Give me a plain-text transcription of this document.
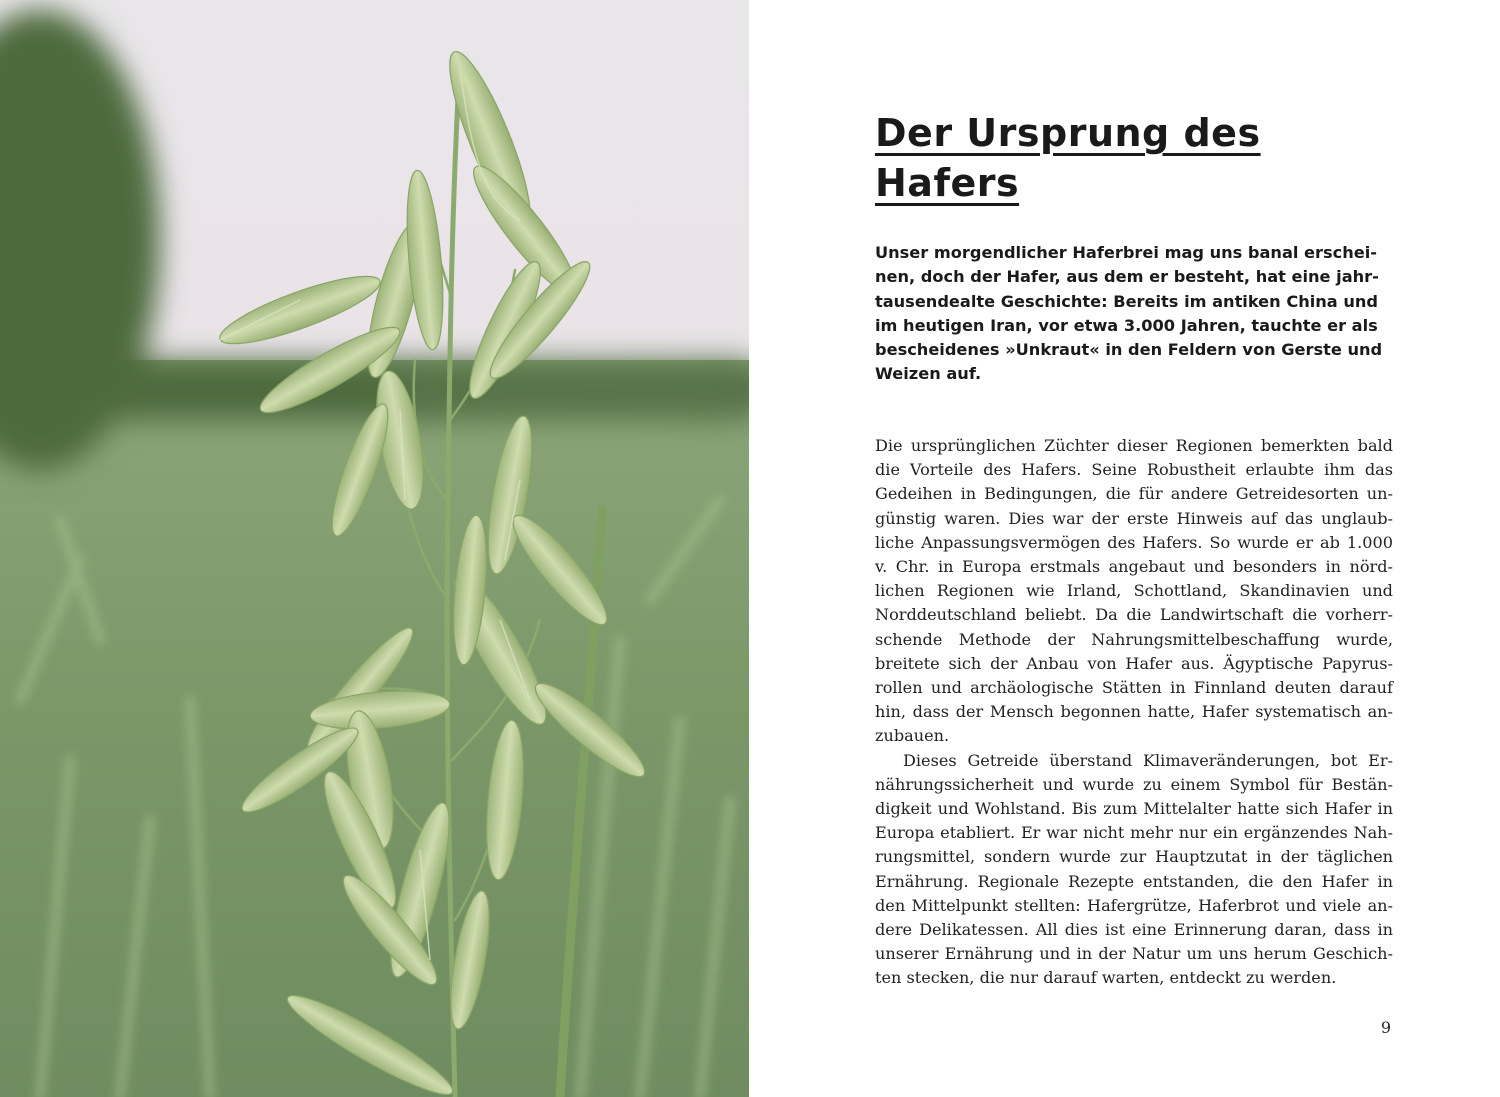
Der Ursprung des Hafers

Unser morgendlicher Haferbrei mag uns banal erscheinen, doch der Hafer, aus dem er besteht, hat eine jahrtausendealte Geschichte: Bereits im antiken China und im heutigen Iran, vor etwa 3.000 Jahren, tauchte er als bescheidenes »Unkraut« in den Feldern von Gerste und Weizen auf.

Die ursprünglichen Züchter dieser Regionen bemerkten bald die Vorteile des Hafers. Seine Robustheit erlaubte ihm das Gedeihen in Bedingungen, die für andere Getreidesorten ungünstig waren. Dies war der erste Hinweis auf das unglaubliche Anpassungsvermögen des Hafers. So wurde er ab 1.000 v. Chr. in Europa erstmals angebaut und besonders in nördlichen Regionen wie Irland, Schottland, Skandinavien und Norddeutschland beliebt. Da die Landwirtschaft die vorherrschende Methode der Nahrungsmittelbeschaffung wurde, breitete sich der Anbau von Hafer aus. Ägyptische Papyrusrollen und archäologische Stätten in Finnland deuten darauf hin, dass der Mensch begonnen hatte, Hafer systematisch anzubauen.

Dieses Getreide überstand Klimaveränderungen, bot Ernährungssicherheit und wurde zu einem Symbol für Beständigkeit und Wohlstand. Bis zum Mittelalter hatte sich Hafer in Europa etabliert. Er war nicht mehr nur ein ergänzendes Nahrungsmittel, sondern wurde zur Hauptzutat in der täglichen Ernährung. Regionale Rezepte entstanden, die den Hafer in den Mittelpunkt stellten: Hafergrütze, Haferbrot und viele andere Delikatessen. All dies ist eine Erinnerung daran, dass in unserer Ernährung und in der Natur um uns herum Geschichten stecken, die nur darauf warten, entdeckt zu werden.

9
